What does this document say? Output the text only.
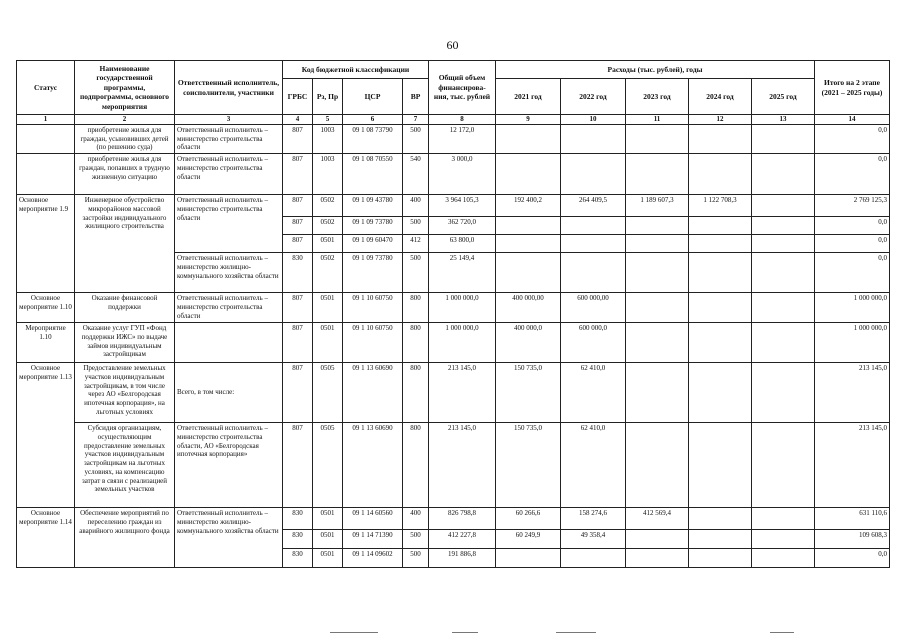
60
Статус	Наименование государственной программы, подпрограммы, основного мероприятия	Ответственный исполнитель, соисполнители, участники	Код бюджетной классификации				Общий объем финансирова-ния, тыс. рублей	Расходы (тыс. рублей), годы					Итого на 2 этапе (2021 – 2025 годы)
			ГРБС	Рз, Пр	ЦСР	ВР		2021 год	2022 год	2023 год	2024 год	2025 год	
1	2	3	4	5	6	7	8	9	10	11	12	13	14
	приобретение жилья для граждан, усыновивших детей (по решению суда)	Ответственный исполнитель – министерство строительства области	807	1003	09 1 08 73790	500	12 172,0						0,0
	приобретение жилья для граждан, попавших в трудную жизненную ситуацию	Ответственный исполнитель – министерство строительства области	807	1003	09 1 08 70550	540	3 000,0						0,0
Основное мероприятие 1.9	Инженерное обустройство микрорайонов массовой застройки индивидуального жилищного строительства	Ответственный исполнитель – министерство строительства области	807	0502	09 1 09 43780	400	3 964 105,3	192 400,2	264 409,5	1 189 607,3	1 122 708,3		2 769 125,3
			807	0502	09 1 09 73780	500	362 720,0						0,0
			807	0501	09 1 09 60470	412	63 800,0						0,0
		Ответственный исполнитель – министерство жилищно-коммунального хозяйства области	830	0502	09 1 09 73780	500	25 149,4						0,0
Основное мероприятие 1.10	Оказание финансовой поддержки	Ответственный исполнитель – министерство строительства области	807	0501	09 1 10 60750	800	1 000 000,0	400 000,00	600 000,00				1 000 000,0
Мероприятие 1.10	Оказание услуг ГУП «Фонд поддержки ИЖС» по выдаче займов индивидуальным застройщикам		807	0501	09 1 10 60750	800	1 000 000,0	400 000,0	600 000,0				1 000 000,0
Основное мероприятие 1.13	Предоставление земельных участков индивидуальным застройщикам, в том числе через АО «Белгородская ипотечная корпорация», на льготных условиях	Всего, в том числе:	807	0505	09 1 13 60690	800	213 145,0	150 735,0	62 410,0				213 145,0
	Субсидия организациям, осуществляющим предоставление земельных участков индивидуальным застройщикам на льготных условиях, на компенсацию затрат в связи с реализацией земельных участков	Ответственный исполнитель – министерство строительства области, АО «Белгородская ипотечная корпорация»	807	0505	09 1 13 60690	800	213 145,0	150 735,0	62 410,0				213 145,0
Основное мероприятие 1.14	Обеспечение мероприятий по переселению граждан из аварийного жилищного фонда	Ответственный исполнитель – министерство жилищно-коммунального хозяйства области	830	0501	09 1 14 60560	400	826 798,8	60 266,6	158 274,6	412 569,4			631 110,6
			830	0501	09 1 14 71390	500	412 227,8	60 249,9	49 358,4				109 608,3
			830	0501	09 1 14 09602	500	191 886,8						0,0
